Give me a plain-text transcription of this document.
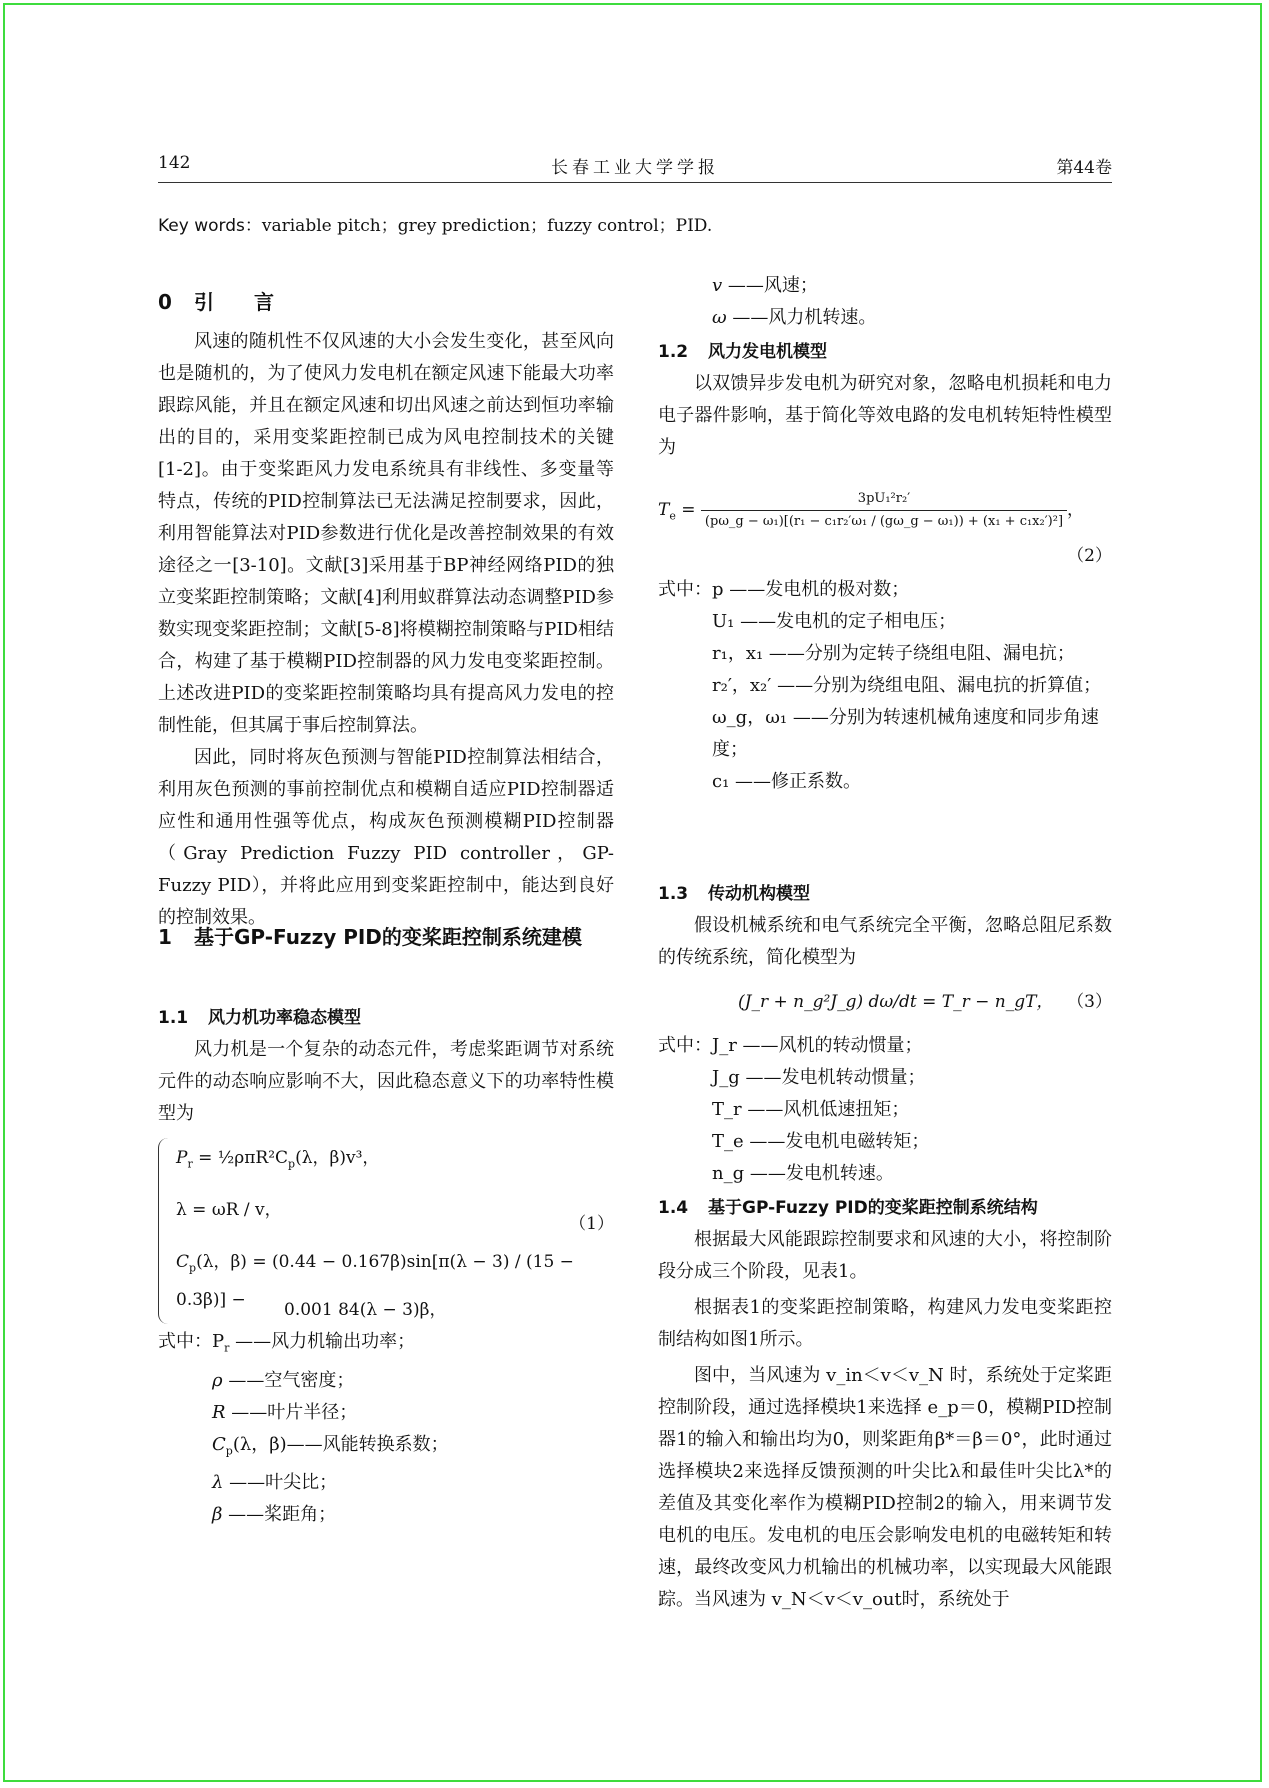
142	长春工业大学学报	第44卷
Key words：variable pitch；grey prediction；fuzzy control；PID.
0 引　言

风速的随机性不仅风速的大小会发生变化，甚至风向也是随机的，为了使风力发电机在额定风速下能最大功率跟踪风能，并且在额定风速和切出风速之前达到恒功率输出的目的，采用变桨距控制已成为风电控制技术的关键[1-2]。由于变桨距风力发电系统具有非线性、多变量等特点，传统的PID控制算法已无法满足控制要求，因此，利用智能算法对PID参数进行优化是改善控制效果的有效途径之一[3-10]。文献[3]采用基于BP神经网络PID的独立变桨距控制策略；文献[4]利用蚁群算法动态调整PID参数实现变桨距控制；文献[5-8]将模糊控制策略与PID相结合，构建了基于模糊PID控制器的风力发电变桨距控制。上述改进PID的变桨距控制策略均具有提高风力发电的控制性能，但其属于事后控制算法。

因此，同时将灰色预测与智能PID控制算法相结合，利用灰色预测的事前控制优点和模糊自适应PID控制器适应性和通用性强等优点，构成灰色预测模糊PID控制器（Gray Prediction Fuzzy PID controller，GP-Fuzzy PID），并将此应用到变桨距控制中，能达到良好的控制效果。

1	基于GP-Fuzzy PID的变桨距控制系统建模
1.1 风力机功率稳态模型

风力机是一个复杂的动态元件，考虑桨距调节对系统元件的动态响应影响不大，因此稳态意义下的功率特性模型为

$P_r$ = $\frac{1}{2}\rho\pi R^2C_p(\lambda$，β)v³，
λ = ωR / v，
$C_p(\lambda$，β) = (0.44 − 0.167β)sin[π(λ − 3) / (15 − 0.3β)] −	0.001 84(λ − 3)β，
（1）
式中：$P_r$ ——风力机输出功率；
ρ ——空气密度；
R ——叶片半径；
$C_p(\lambda$，β)——风能转换系数；
λ ——叶尖比；
β ——桨距角；
v ——风速；
ω ——风力机转速。
1.2 风力发电机模型

以双馈异步发电机为研究对象，忽略电机损耗和电力电子器件影响，基于简化等效电路的发电机转矩特性模型为

$T_e = \frac{\text{3pU₁²r₂′}}{\text{(pω\_g − ω₁)[(r₁ − c₁r₂′ω₁ / (gω\_g − ω₁)) + (x₁ + c₁x₂′)²]}}$ ，
（2）
式中：p ——发电机的极对数；
U₁ ——发电机的定子相电压；
r₁，x₁ ——分别为定转子绕组电阻、漏电抗；
r₂′，x₂′ ——分别为绕组电阻、漏电抗的折算值；
ω_g，ω₁ ——分别为转速机械角速度和同步角速度；
c₁ ——修正系数。
1.3 传动机构模型

假设机械系统和电气系统完全平衡，忽略总阻尼系数的传统系统，简化模型为

(J_r + n_g²J_g) dω/dt = T_r − n_gT， （3）
式中：J_r ——风机的转动惯量；
J_g ——发电机转动惯量；
T_r ——风机低速扭矩；
T_e ——发电机电磁转矩；
n_g ——发电机转速。
1.4 基于GP-Fuzzy PID的变桨距控制系统结构

根据最大风能跟踪控制要求和风速的大小，将控制阶段分成三个阶段，见表1。

根据表1的变桨距控制策略，构建风力发电变桨距控制结构如图1所示。

图中，当风速为 v_in＜v＜v_N 时，系统处于定桨距控制阶段，通过选择模块1来选择 e_p＝0，模糊PID控制器1的输入和输出均为0，则桨距角β*＝β＝0°，此时通过选择模块2来选择反馈预测的叶尖比λ和最佳叶尖比λ*的差值及其变化率作为模糊PID控制2的输入，用来调节发电机的电压。发电机的电压会影响发电机的电磁转矩和转速，最终改变风力机输出的机械功率，以实现最大风能跟踪。当风速为 v_N＜v＜v_out时，系统处于
